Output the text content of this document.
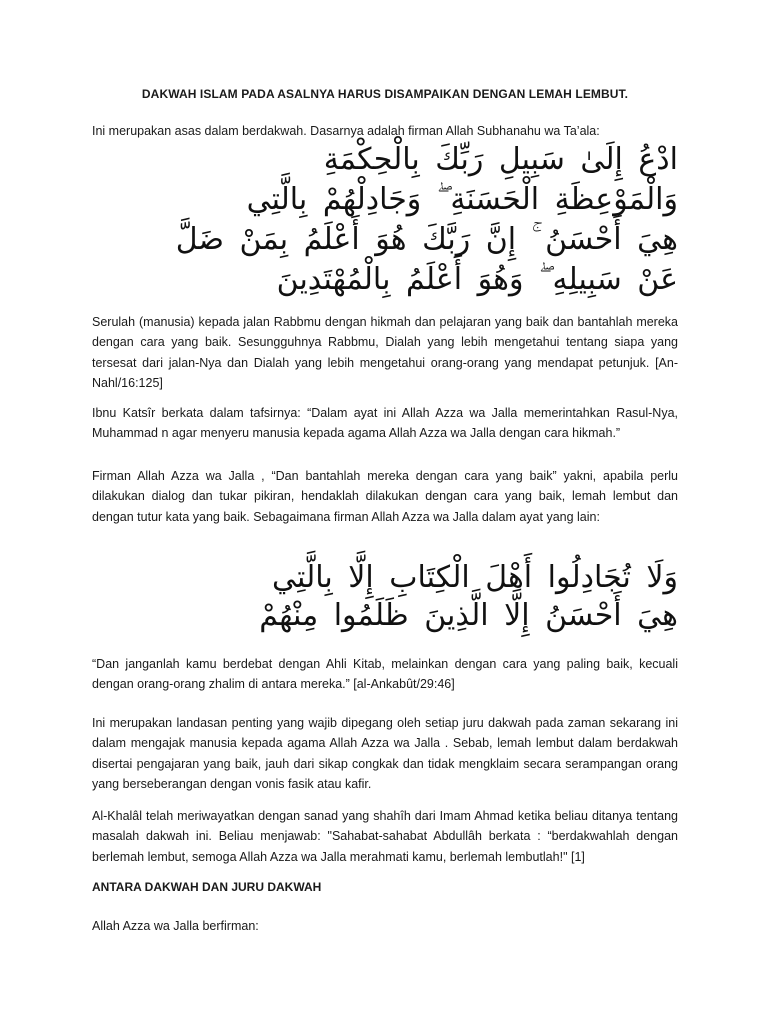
DAKWAH ISLAM PADA ASALNYA HARUS DISAMPAIKAN DENGAN LEMAH LEMBUT.
Ini merupakan asas dalam berdakwah. Dasarnya adalah firman Allah Subhanahu wa Ta’ala:
ادْعُ إِلَىٰ سَبِيلِ رَبِّكَ بِالْحِكْمَةِ
وَالْمَوْعِظَةِ الْحَسَنَةِ ۖ وَجَادِلْهُمْ بِالَّتِي
هِيَ أَحْسَنُ ۚ إِنَّ رَبَّكَ هُوَ أَعْلَمُ بِمَنْ ضَلَّ
عَنْ سَبِيلِهِ ۖ وَهُوَ أَعْلَمُ بِالْمُهْتَدِينَ

Serulah (manusia) kepada jalan Rabbmu dengan hikmah dan pelajaran yang baik dan bantahlah mereka dengan cara yang baik. Sesungguhnya Rabbmu, Dialah yang lebih mengetahui tentang siapa yang tersesat dari jalan-Nya dan Dialah yang lebih mengetahui orang-orang yang mendapat petunjuk. [An-Nahl/16:125]

Ibnu Katsîr berkata dalam tafsirnya: “Dalam ayat ini Allah Azza wa Jalla memerintahkan Rasul-Nya, Muhammad n agar menyeru manusia kepada agama Allah Azza wa Jalla dengan cara hikmah.”

Firman Allah Azza wa Jalla , “Dan bantahlah mereka dengan cara yang baik” yakni, apabila perlu dilakukan dialog dan tukar pikiran, hendaklah dilakukan dengan cara yang baik, lemah lembut dan dengan tutur kata yang baik. Sebagaimana firman Allah Azza wa Jalla dalam ayat yang lain:

وَلَا تُجَادِلُوا أَهْلَ الْكِتَابِ إِلَّا بِالَّتِي
هِيَ أَحْسَنُ إِلَّا الَّذِينَ ظَلَمُوا مِنْهُمْ

“Dan janganlah kamu berdebat dengan Ahli Kitab, melainkan dengan cara yang paling baik, kecuali dengan orang-orang zhalim di antara mereka.” [al-Ankabût/29:46]

Ini merupakan landasan penting yang wajib dipegang oleh setiap juru dakwah pada zaman sekarang ini dalam mengajak manusia kepada agama Allah Azza wa Jalla . Sebab, lemah lembut dalam berdakwah disertai pengajaran yang baik, jauh dari sikap congkak dan tidak mengklaim secara serampangan orang yang berseberangan dengan vonis fasik atau kafir.

Al-Khalâl telah meriwayatkan dengan sanad yang shahîh dari Imam Ahmad ketika beliau ditanya tentang masalah dakwah ini. Beliau menjawab: "Sahabat-sahabat Abdullâh berkata : “berdakwahlah dengan berlemah lembut, semoga Allah Azza wa Jalla merahmati kamu, berlemah lembutlah!" [1]

ANTARA DAKWAH DAN JURU DAKWAH
Allah Azza wa Jalla berfirman:
